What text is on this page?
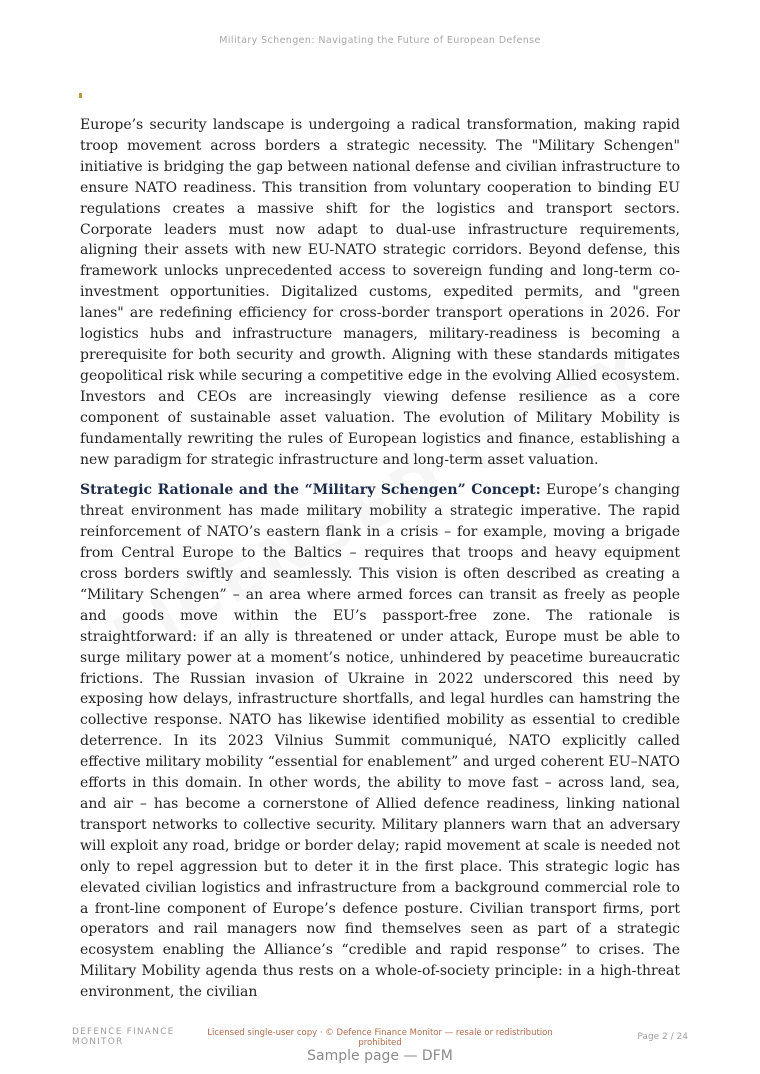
Military Schengen: Navigating the Future of European Defense

Europe’s security landscape is undergoing a radical transformation, making rapid troop movement across borders a strategic necessity. The "Military Schengen" initiative is bridging the gap between national defense and civilian infrastructure to ensure NATO readiness. This transition from voluntary cooperation to binding EU regulations creates a massive shift for the logistics and transport sectors. Corporate leaders must now adapt to dual-use infrastructure requirements, aligning their assets with new EU-NATO strategic corridors. Beyond defense, this framework unlocks unprecedented access to sovereign funding and long-term co-investment opportunities. Digitalized customs, expedited permits, and "green lanes" are redefining efficiency for cross-border transport operations in 2026. For logistics hubs and infrastructure managers, military-readiness is becoming a prerequisite for both security and growth. Aligning with these standards mitigates geopolitical risk while securing a competitive edge in the evolving Allied ecosystem. Investors and CEOs are increasingly viewing defense resilience as a core component of sustainable asset valuation. The evolution of Military Mobility is fundamentally rewriting the rules of European logistics and finance, establishing a new paradigm for strategic infrastructure and long-term asset valuation.

Strategic Rationale and the “Military Schengen” Concept: Europe’s changing threat environment has made military mobility a strategic imperative. The rapid reinforcement of NATO’s eastern flank in a crisis – for example, moving a brigade from Central Europe to the Baltics – requires that troops and heavy equipment cross borders swiftly and seamlessly. This vision is often described as creating a “Military Schengen” – an area where armed forces can transit as freely as people and goods move within the EU’s passport-free zone. The rationale is straightforward: if an ally is threatened or under attack, Europe must be able to surge military power at a moment’s notice, unhindered by peacetime bureaucratic frictions. The Russian invasion of Ukraine in 2022 underscored this need by exposing how delays, infrastructure shortfalls, and legal hurdles can hamstring the collective response. NATO has likewise identified mobility as essential to credible deterrence. In its 2023 Vilnius Summit communiqué, NATO explicitly called effective military mobility “essential for enablement” and urged coherent EU–NATO efforts in this domain. In other words, the ability to move fast – across land, sea, and air – has become a cornerstone of Allied defence readiness, linking national transport networks to collective security. Military planners warn that an adversary will exploit any road, bridge or border delay; rapid movement at scale is needed not only to repel aggression but to deter it in the first place. This strategic logic has elevated civilian logistics and infrastructure from a background commercial role to a front-line component of Europe’s defence posture. Civilian transport firms, port operators and rail managers now find themselves seen as part of a strategic ecosystem enabling the Alliance’s “credible and rapid response” to crises. The Military Mobility agenda thus rests on a whole-of-society principle: in a high-threat environment, the civilian

DEFENCE FINANCE MONITOR
Licensed single-user copy · © Defence Finance Monitor — resale or redistribution prohibited
Page 2 / 24
Sample page — DFM
